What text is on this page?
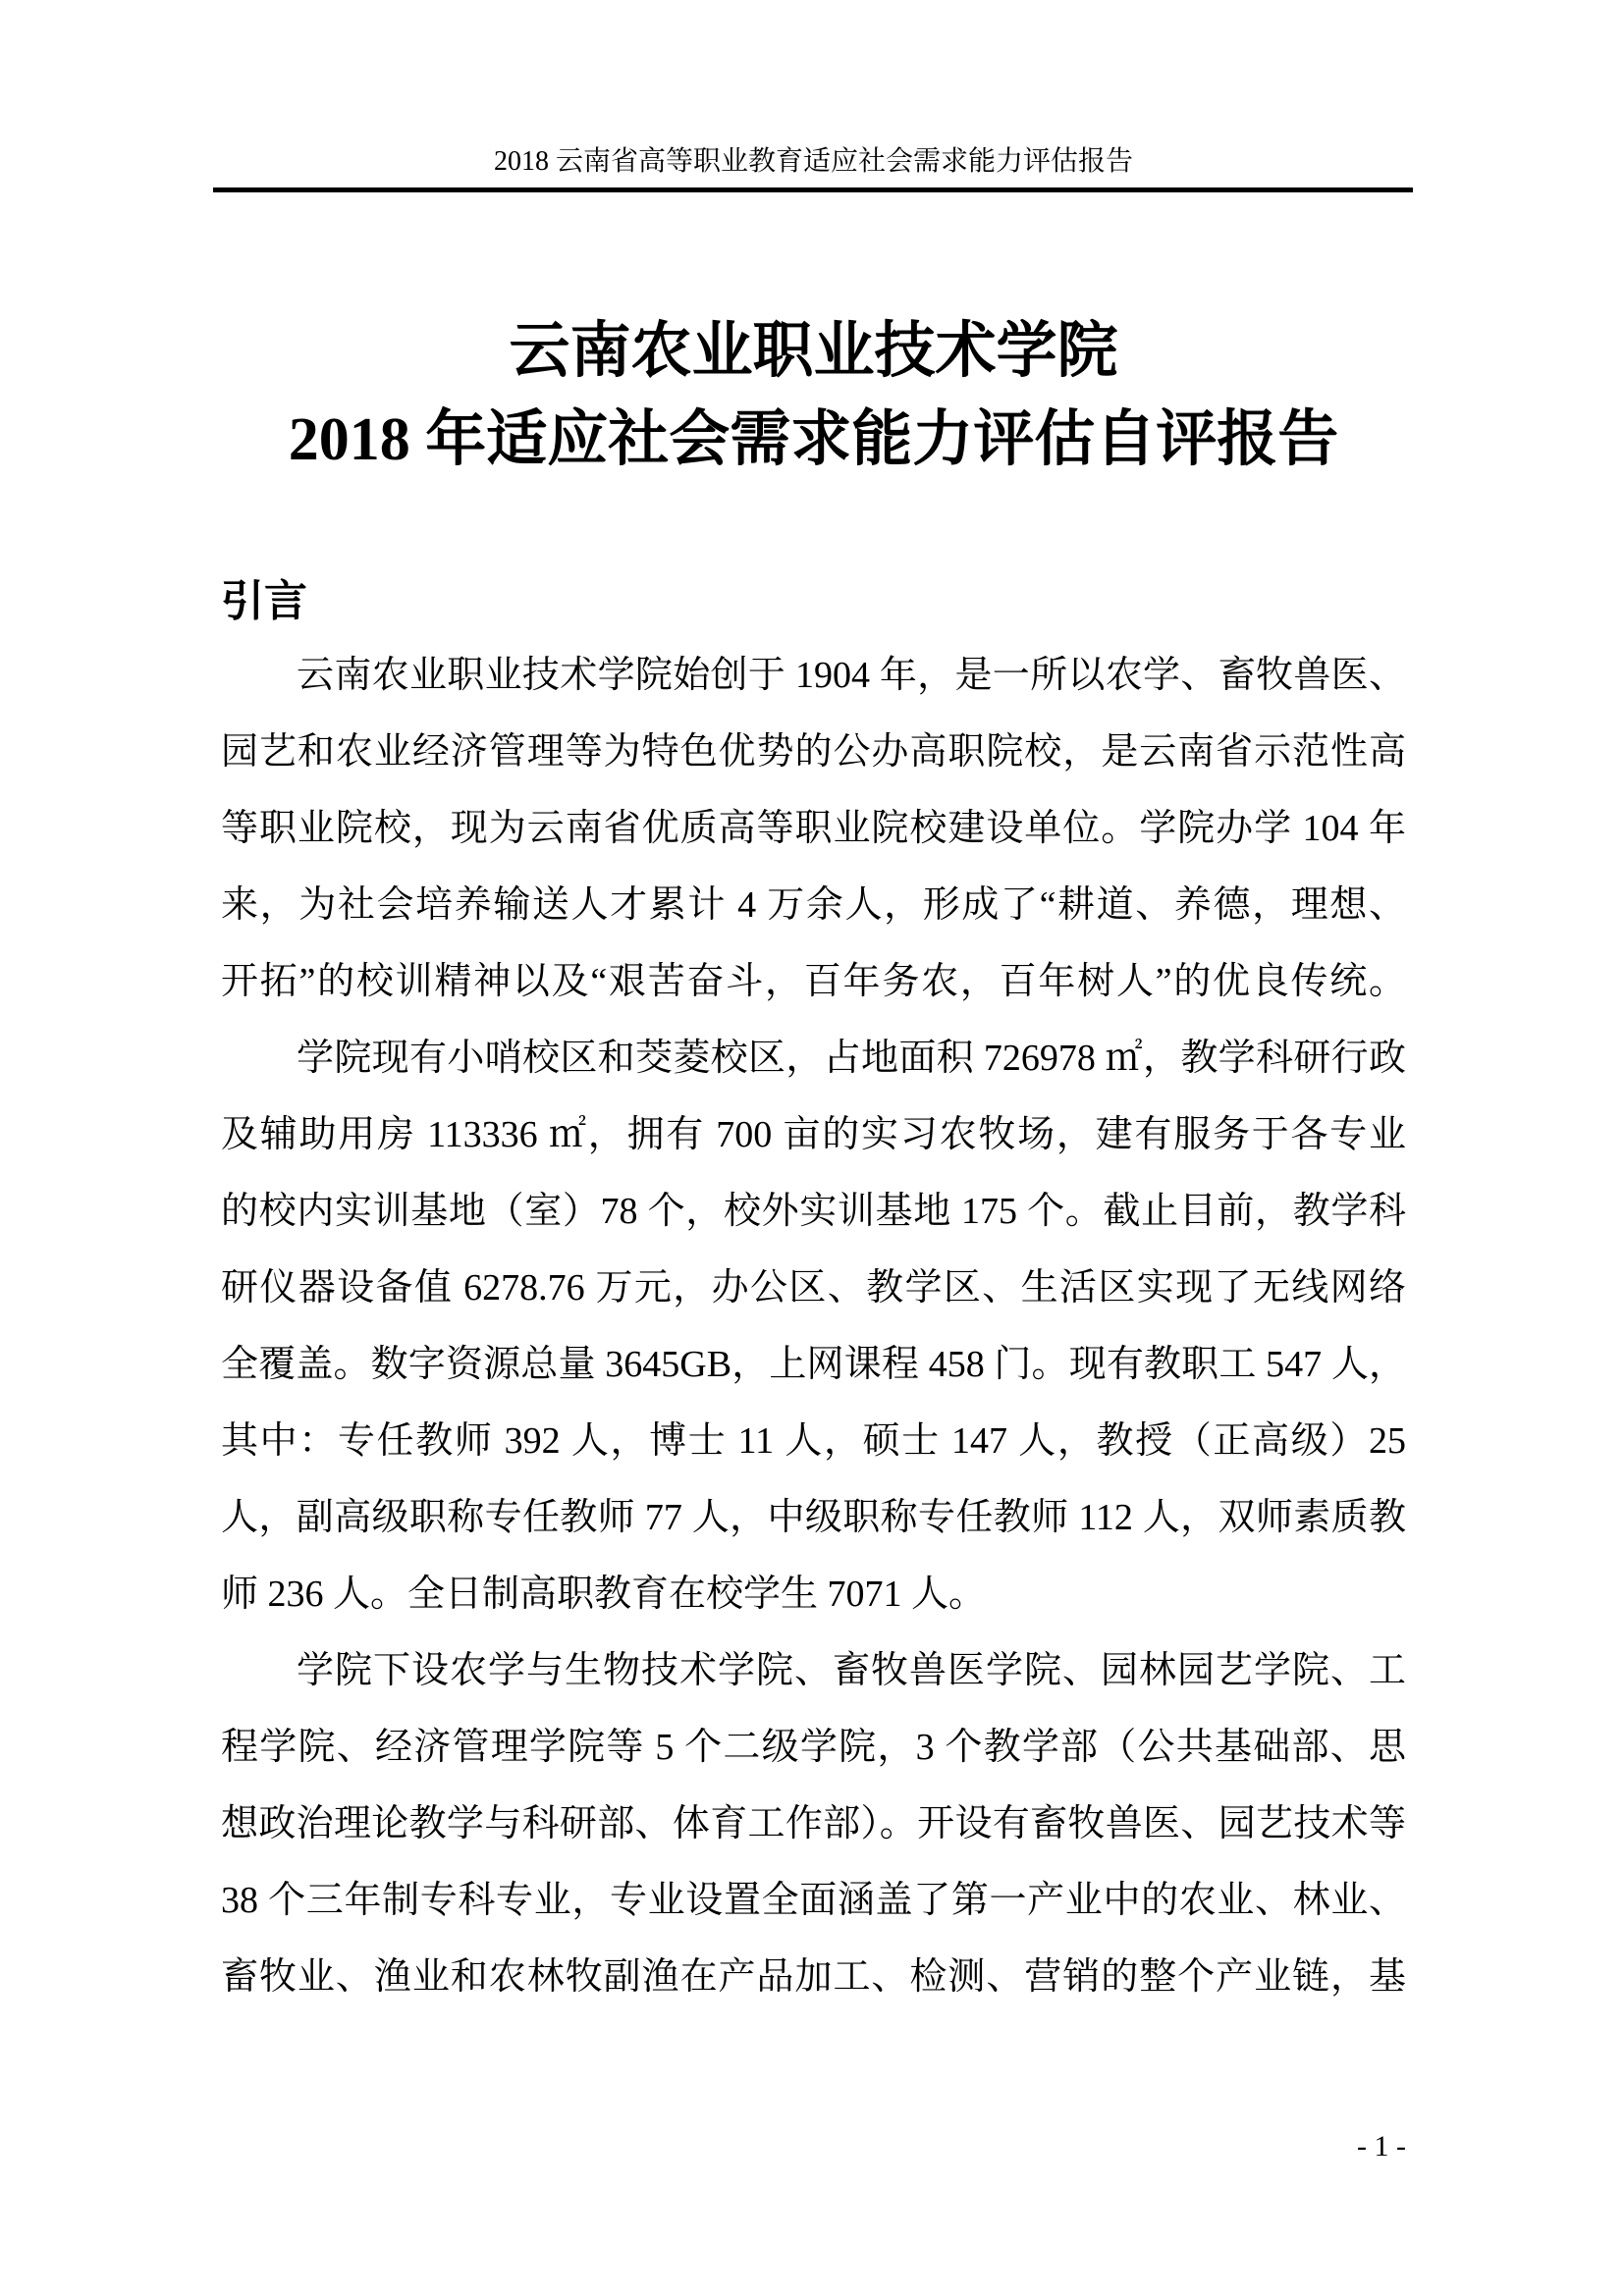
2018 云南省高等职业教育适应社会需求能力评估报告
云南农业职业技术学院
2018 年适应社会需求能力评估自评报告
引言
云南农业职业技术学院始创于 1904 年，是一所以农学、畜牧兽医、
园艺和农业经济管理等为特色优势的公办高职院校，是云南省示范性高
等职业院校，现为云南省优质高等职业院校建设单位。学院办学 104 年
来，为社会培养输送人才累计 4 万余人，形成了“耕道、养德，理想、
开拓”的校训精神以及“艰苦奋斗，百年务农，百年树人”的优良传统。
学院现有小哨校区和茭菱校区，占地面积 726978 ㎡，教学科研行政
及辅助用房 113336 ㎡，拥有 700 亩的实习农牧场，建有服务于各专业
的校内实训基地（室）78 个，校外实训基地 175 个。截止目前，教学科
研仪器设备值 6278.76 万元，办公区、教学区、生活区实现了无线网络
全覆盖。数字资源总量 3645GB，上网课程 458 门。现有教职工 547 人，
其中：专任教师 392 人，博士 11 人，硕士 147 人，教授（正高级）25
人，副高级职称专任教师 77 人，中级职称专任教师 112 人，双师素质教
师 236 人。全日制高职教育在校学生 7071 人。
学院下设农学与生物技术学院、畜牧兽医学院、园林园艺学院、工
程学院、经济管理学院等 5 个二级学院，3 个教学部（公共基础部、思
想政治理论教学与科研部、体育工作部）。开设有畜牧兽医、园艺技术等
38 个三年制专科专业，专业设置全面涵盖了第一产业中的农业、林业、
畜牧业、渔业和农林牧副渔在产品加工、检测、营销的整个产业链，基
- 1 -
